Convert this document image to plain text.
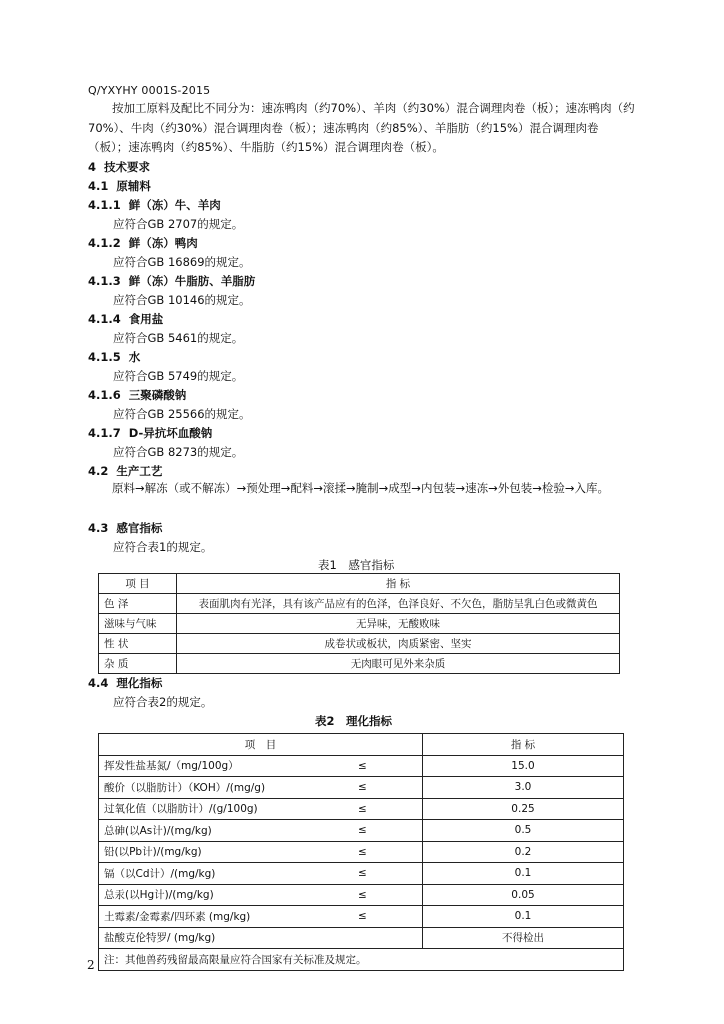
Q/YXYHY 0001S-2015
按加工原料及配比不同分为：速冻鸭肉（约70%）、羊肉（约30%）混合调理肉卷（板）；速冻鸭肉（约70%）、牛肉（约30%）混合调理肉卷（板）；速冻鸭肉（约85%）、羊脂肪（约15%）混合调理肉卷（板）；速冻鸭肉（约85%）、牛脂肪（约15%）混合调理肉卷（板）。
4 技术要求
4.1 原辅料
4.1.1 鲜（冻）牛、羊肉
应符合GB 2707的规定。
4.1.2 鲜（冻）鸭肉
应符合GB 16869的规定。
4.1.3 鲜（冻）牛脂肪、羊脂肪
应符合GB 10146的规定。
4.1.4 食用盐
应符合GB 5461的规定。
4.1.5 水
应符合GB 5749的规定。
4.1.6 三聚磷酸钠
应符合GB 25566的规定。
4.1.7 D-异抗坏血酸钠
应符合GB 8273的规定。
4.2 生产工艺
原料→解冻（或不解冻）→预处理→配料→滚揉→腌制→成型→内包装→速冻→外包装→检验→入库。
4.3 感官指标
应符合表1的规定。
表1　感官指标
项 目	指 标
色 泽	表面肌肉有光泽，具有该产品应有的色泽，色泽良好、不欠色，脂肪呈乳白色或微黄色
滋味与气味	无异味，无酸败味
性 状	成卷状或板状，肉质紧密、坚实
杂 质	无肉眼可见外来杂质
4.4 理化指标
应符合表2的规定。
表2　理化指标
项　目		指 标
挥发性盐基氮/（mg/100g）	≤	15.0
酸价（以脂肪计）（KOH）/(mg/g)	≤	3.0
过氧化值（以脂肪计）/(g/100g)	≤	0.25
总砷(以As计)/(mg/kg)	≤	0.5
铅(以Pb计)/(mg/kg)	≤	0.2
镉（以Cd计）/(mg/kg)	≤	0.1
总汞(以Hg计)/(mg/kg)	≤	0.05
土霉素/金霉素/四环素 (mg/kg)	≤	0.1
盐酸克伦特罗/ (mg/kg)		不得检出
注：其他兽药残留最高限量应符合国家有关标准及规定。		
2
